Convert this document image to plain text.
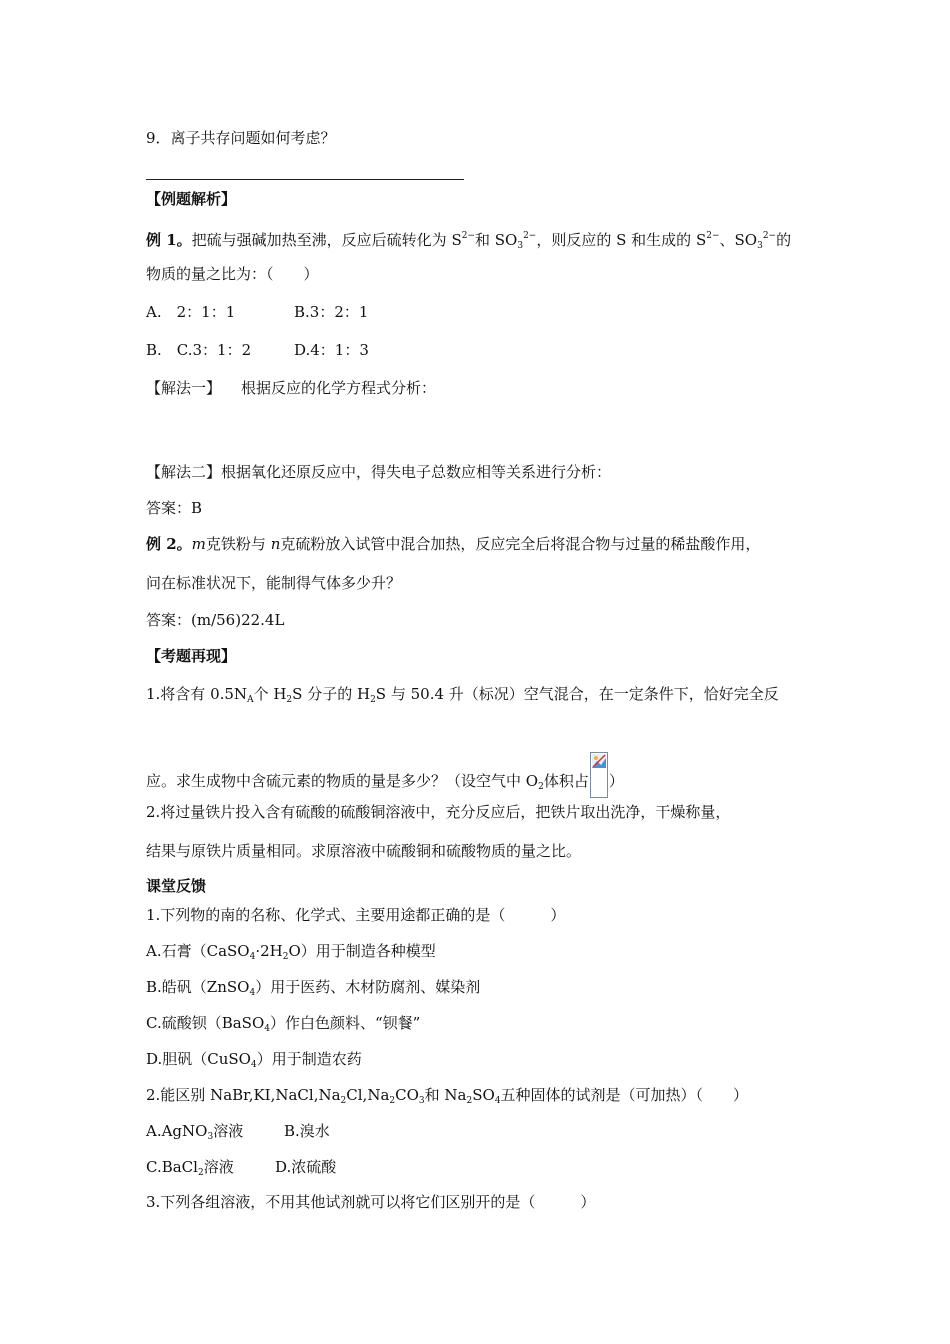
9．离子共存问题如何考虑？
【例题解析】
例 1。把硫与强碱加热至沸，反应后硫转化为 $S^{2-}$和 $SO_3^{2-}$，则反应的 S 和生成的 $S^{2-}$、$SO_3^{2-}$的
物质的量之比为：（　　）
A.　2：1：1	B.3：2：1
B.　C.3：1：2	D.4：1：3
【解法一】 根据反应的化学方程式分析：
【解法二】根据氧化还原反应中，得失电子总数应相等关系进行分析：
答案：B
例 2。m克铁粉与 n克硫粉放入试管中混合加热，反应完全后将混合物与过量的稀盐酸作用，
问在标准状况下，能制得气体多少升？
答案：(m/56)22.4L
【考题再现】
1.将含有 $0.5N_A$个 $H_2S$ 分子的 $H_2S$ 与 50.4 升（标况）空气混合，在一定条件下，恰好完全反
应。求生成物中含硫元素的物质的量是多少？（设空气中 $O_2$体积占 ）
2.将过量铁片投入含有硫酸的硫酸铜溶液中，充分反应后，把铁片取出洗净，干燥称量，
结果与原铁片质量相同。求原溶液中硫酸铜和硫酸物质的量之比。
课堂反馈
1.下列物的南的名称、化学式、主要用途都正确的是（　　　）
A.石膏$(CaSO_4\cdot 2H_2O)$用于制造各种模型
B.皓矾（ZnSO$_4$）用于医药、木材防腐剂、媒染剂
C.硫酸钡（BaSO$_4$）作白色颜料、“钡餐”
D.胆矾（CuSO$_4$）用于制造农药
2.能区别 $NaBr,KI,NaCl,Na_2Cl,Na_2CO_3$和 $Na_2SO_4$五种固体的试剂是（可加热）（　　）
A.AgNO$_3$溶液	B.溴水
C.BaCl$_2$溶液	D.浓硫酸
3.下列各组溶液，不用其他试剂就可以将它们区别开的是（　　　）
